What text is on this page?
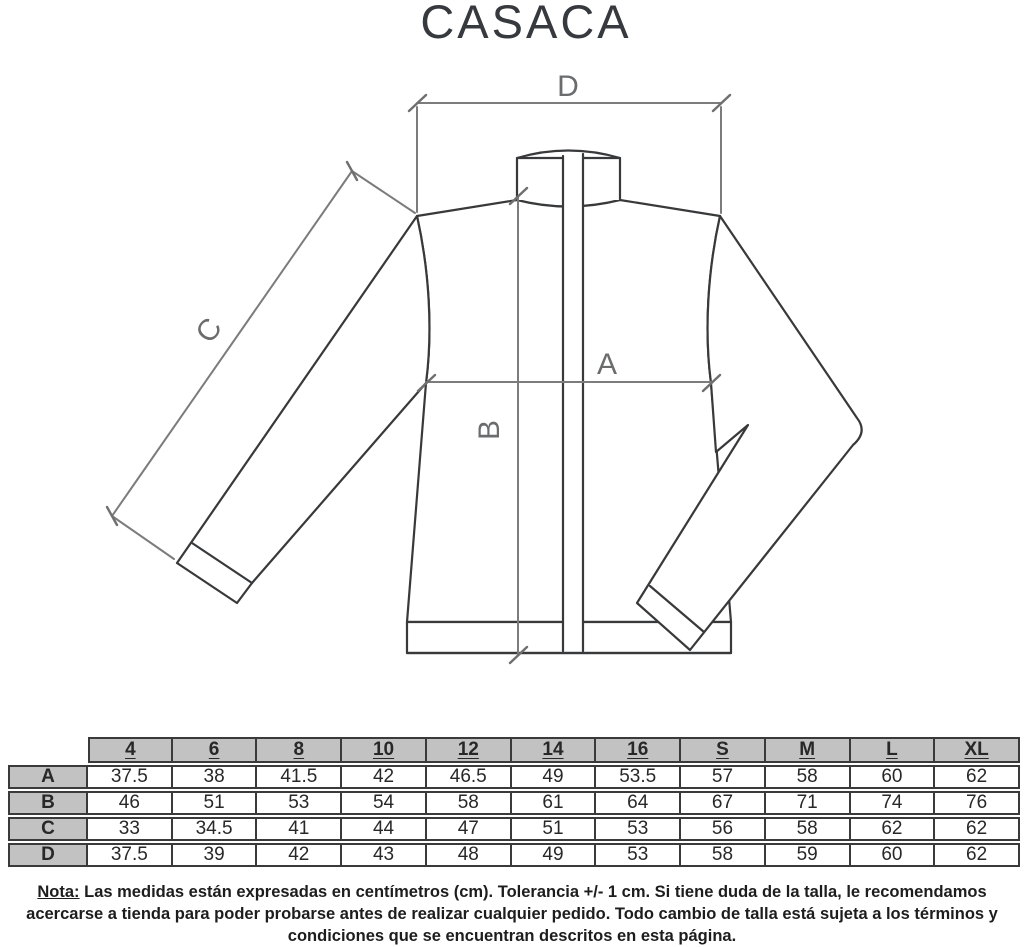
CASACA
D
C
A
B
4	6	8	10	12	14	16	S	M	L	XL
A	37.5	38	41.5	42	46.5	49	53.5	57	58	60	62
B	46	51	53	54	58	61	64	67	71	74	76
C	33	34.5	41	44	47	51	53	56	58	62	62
D	37.5	39	42	43	48	49	53	58	59	60	62
Nota: Las medidas están expresadas en centímetros (cm). Tolerancia +/- 1 cm. Si tiene duda de la talla, le recomendamos acercarse a tienda para poder probarse antes de realizar cualquier pedido. Todo cambio de talla está sujeta a los términos y condiciones que se encuentran descritos en esta página.
